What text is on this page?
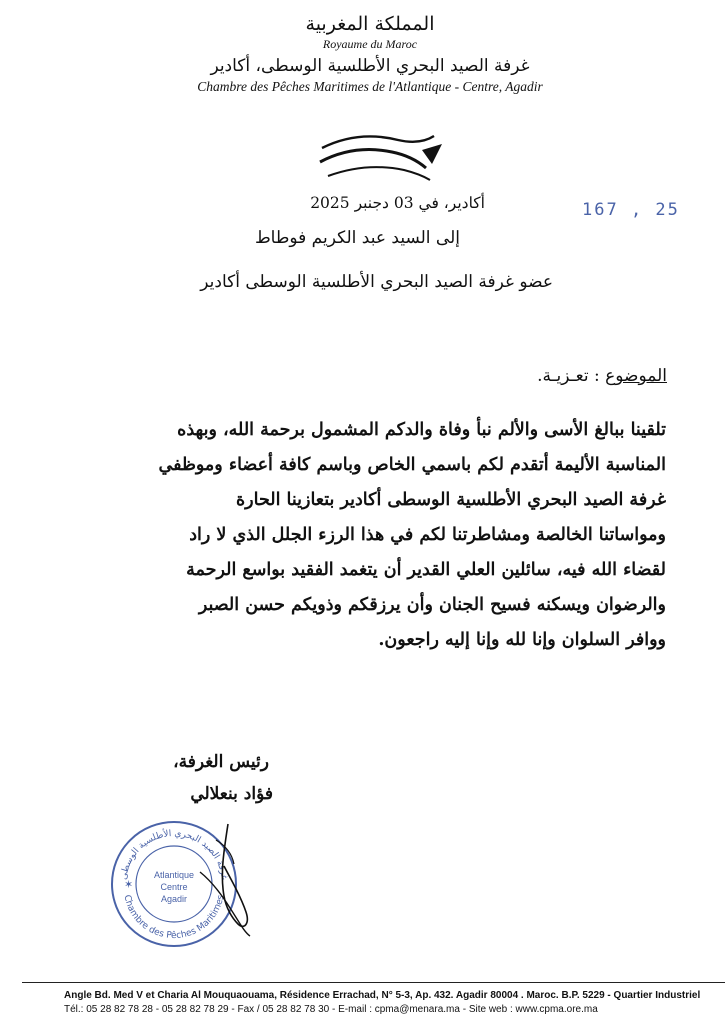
المملكة المغربية
Royaume du Maroc
غرفة الصيد البحري الأطلسية الوسطى، أكادير
Chambre des Pêches Maritimes de l'Atlantique - Centre, Agadir
167 , 25
أكادير، في 03 دجنبر 2025
إلى السيد عبد الكريم فوطاط
عضو غرفة الصيد البحري الأطلسية الوسطى أكادير
الموضوع : تعـزيـة.
تلقينا ببالغ الأسى والألم نبأ وفاة والدكم المشمول برحمة الله، وبهذه
المناسبة الأليمة أتقدم لكم باسمي الخاص وباسم كافة أعضاء وموظفي
غرفة الصيد البحري الأطلسية الوسطى أكادير بتعازينا الحارة
ومواساتنا الخالصة ومشاطرتنا لكم في هذا الرزء الجلل الذي لا راد
لقضاء الله فيه، سائلين العلي القدير أن يتغمد الفقيد بواسع الرحمة
والرضوان ويسكنه فسيح الجنان وأن يرزقكم وذويكم حسن الصبر
ووافر السلوان وإنا لله وإنا إليه راجعون.
رئيس الغرفة،
فؤاد بنعلالي
غرفة الصيد البحري الأطلسية الوسطى
Chambre des Pêches Maritimes
Atlantique
Centre
Agadir
✶
Angle Bd. Med V et Charia Al Mouquaouama, Résidence Errachad, N° 5-3, Ap. 432. Agadir 80004 . Maroc. B.P. 5229 - Quartier Industriel
Tél.: 05 28 82 78 28 - 05 28 82 78 29 - Fax / 05 28 82 78 30 - E-mail : cpma@menara.ma - Site web : www.cpma.ore.ma
